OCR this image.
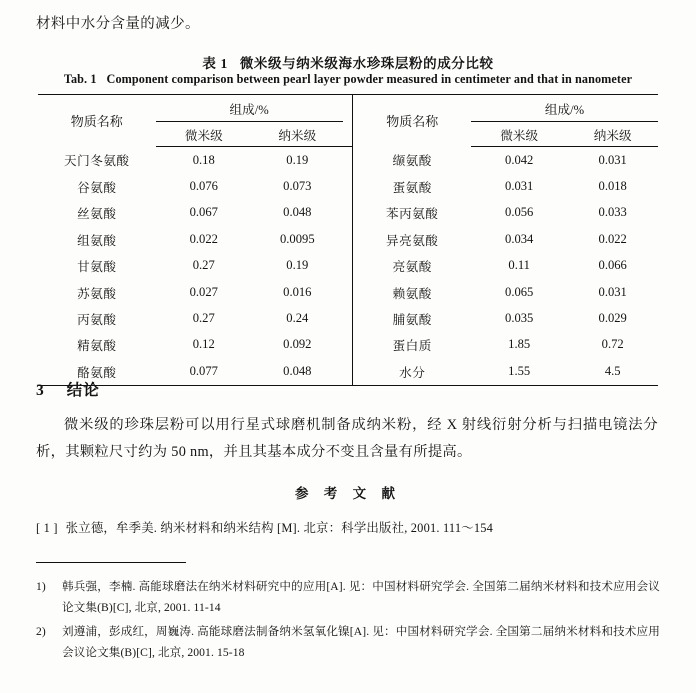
材料中水分含量的减少。
表 1 微米级与纳米级海水珍珠层粉的成分比较
Tab. 1 Component comparison between pearl layer powder measured in centimeter and that in nanometer
物质名称	组成/%			物质名称	组成/%	
	微米级	纳米级			微米级	纳米级
天门冬氨酸	0.18	0.19		缬氨酸	0.042	0.031
谷氨酸	0.076	0.073		蛋氨酸	0.031	0.018
丝氨酸	0.067	0.048		苯丙氨酸	0.056	0.033
组氨酸	0.022	0.0095		异亮氨酸	0.034	0.022
甘氨酸	0.27	0.19		亮氨酸	0.11	0.066
苏氨酸	0.027	0.016		赖氨酸	0.065	0.031
丙氨酸	0.27	0.24		脯氨酸	0.035	0.029
精氨酸	0.12	0.092		蛋白质	1.85	0.72
酪氨酸	0.077	0.048		水分	1.55	4.5
3 结论
微米级的珍珠层粉可以用行星式球磨机制备成纳米粉，经 X 射线衍射分析与扫描电镜法分析，其颗粒尺寸约为 50 nm，并且其基本成分不变且含量有所提高。
参 考 文 献
[ 1 ] 张立德，牟季美. 纳米材料和纳米结构 [M]. 北京：科学出版社, 2001. 111～154
1)	韩兵强，李楠. 高能球磨法在纳米材料研究中的应用[A]. 见：中国材料研究学会. 全国第二届纳米材料和技术应用会议论文集(B)[C], 北京, 2001. 11-14
2)	刘遵浦，彭成红，周巍涛. 高能球磨法制备纳米氢氧化镍[A]. 见：中国材料研究学会. 全国第二届纳米材料和技术应用会议论文集(B)[C], 北京, 2001. 15-18
